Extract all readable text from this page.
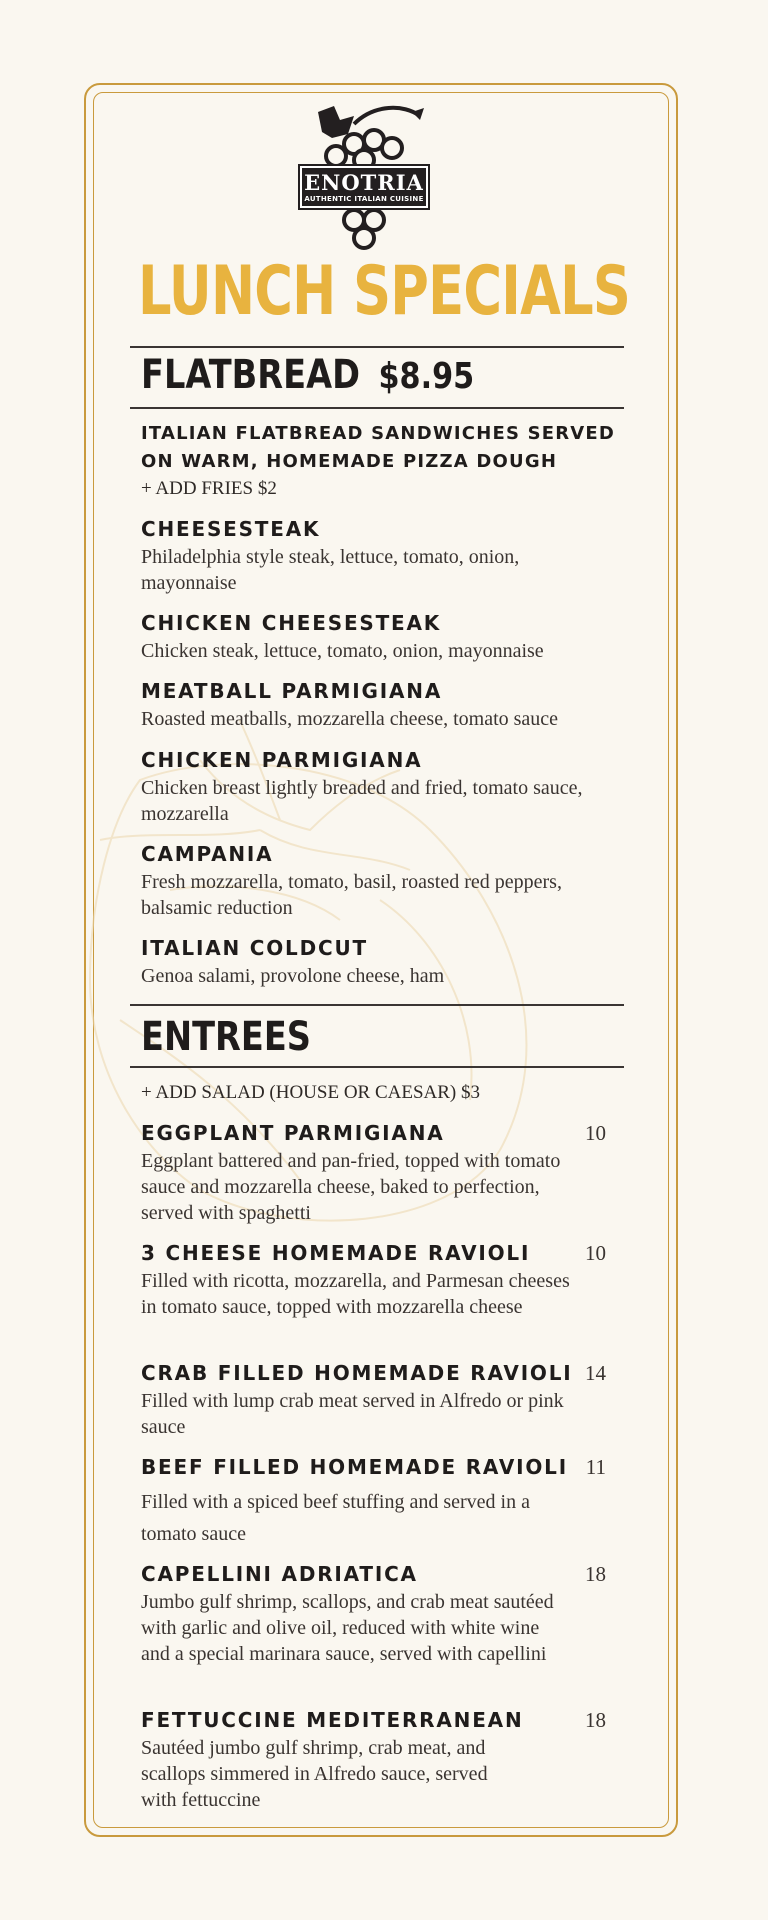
ENOTRIA
AUTHENTIC ITALIAN CUISINE
LUNCH SPECIALS
FLATBREAD $8.95
ITALIAN FLATBREAD SANDWICHES SERVED
ON WARM, HOMEMADE PIZZA DOUGH
+ ADD FRIES $2
CHEESESTEAK
Philadelphia style steak, lettuce, tomato, onion, mayonnaise
CHICKEN CHEESESTEAK
Chicken steak, lettuce, tomato, onion, mayonnaise
MEATBALL PARMIGIANA
Roasted meatballs, mozzarella cheese, tomato sauce
CHICKEN PARMIGIANA
Chicken breast lightly breaded and fried, tomato sauce, mozzarella
CAMPANIA
Fresh mozzarella, tomato, basil, roasted red peppers, balsamic reduction
ITALIAN COLDCUT
Genoa salami, provolone cheese, ham
ENTREES
+ ADD SALAD (HOUSE OR CAESAR) $3
EGGPLANT PARMIGIANA	10
Eggplant battered and pan-fried, topped with tomato sauce and mozzarella cheese, baked to perfection, served with spaghetti
3 CHEESE HOMEMADE RAVIOLI	10
Filled with ricotta, mozzarella, and Parmesan cheeses in tomato sauce, topped with mozzarella cheese
CRAB FILLED HOMEMADE RAVIOLI 14
Filled with lump crab meat served in Alfredo or pink sauce
BEEF FILLED HOMEMADE RAVIOLI 11
Filled with a spiced beef stuffing and served in a tomato sauce
CAPELLINI ADRIATICA	18
Jumbo gulf shrimp, scallops, and crab meat sautéed with garlic and olive oil, reduced with white wine and a special marinara sauce, served with capellini
FETTUCCINE MEDITERRANEAN	18
Sautéed jumbo gulf shrimp, crab meat, and scallops simmered in Alfredo sauce, served with fettuccine
